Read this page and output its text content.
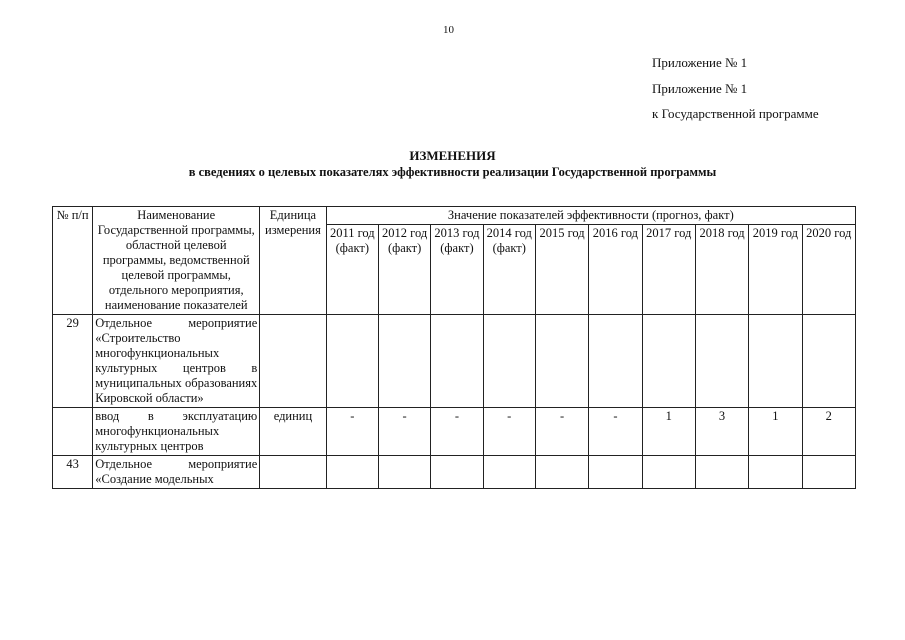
10
Приложение № 1
Приложение № 1
к Государственной программе
ИЗМЕНЕНИЯ
в сведениях о целевых показателях эффективности реализации Государственной программы
№ п/п	Наименование Государственной программы, областной целевой программы, ведомственной целевой программы, отдельного мероприятия, наименование показателей	Единица измерения	Значение показателей эффективности (прогноз, факт)									
			2011 год (факт)	2012 год (факт)	2013 год (факт)	2014 год (факт)	2015 год	2016 год	2017 год	2018 год	2019 год	2020 год
29	Отдельное мероприятие «Строительство многофункциональных культурных центров в муниципальных образованиях Кировской области»											
	ввод в эксплуатацию многофункциональных культурных центров	единиц	-	-	-	-	-	-	1	3	1	2
43	Отдельное мероприятие «Создание модельных											
